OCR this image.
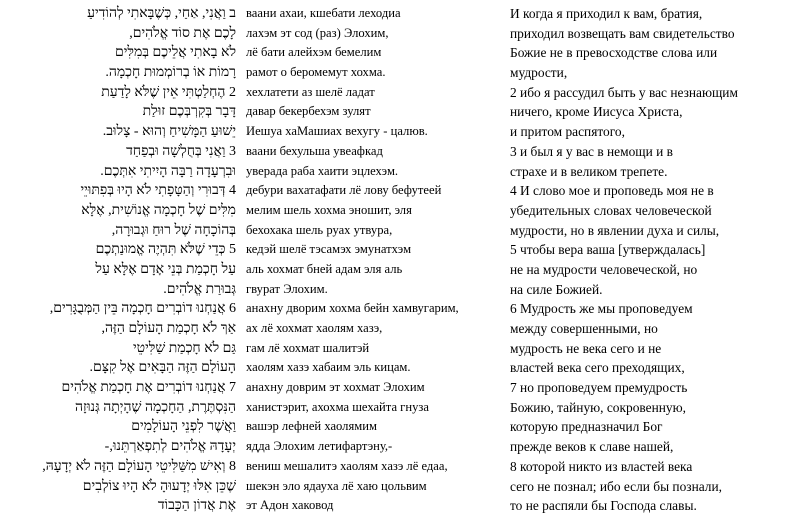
ב וַאֲנִי, אַחַי, כְּשֶׁבָּאתִי לְהוֹדִיעַ
לָכֶם אֶת סוֹד אֱלֹהִים,
לֹא בָאתִי אֲלֵיכֶם בְּמִלִּים
רָמוֹת אוֹ בְרוֹמְמוּת חָכְמָה.
2 הֶחְלַטְתִּי אֵין שֶׁלֹּא לָדַעַת
דָּבָר בְּקִרְבְּכֶם זוּלַת
יֵשׁוּעַ הַמָּשִׁיחַ וְהוּא - צָלוּב.
3 וַאֲנִי בְּחֻלְשָׁה וּבְפַחַד
וּבִרְעָדָה רַבָּה הָיִיתִי אִתְּכֶם.
4 דְּבוּרִי וְהַטָּפָתִי לֹא הָיוּ בְּפִתּוּיֵי
מִלִּים שֶׁל חָכְמָה אֱנוֹשִׁית, אֶלָּא
בְּהוֹכָחָה שֶׁל רוּחַ וּגְבוּרָה,
5 כְּדֵי שֶׁלֹּא תִּהְיֶה אֱמוּנַתְכֶם
עַל חָכְמַת בְּנֵי אָדָם אֶלָּא עַל
גְּבוּרַת אֱלֹהִים.
6 אֲנַחְנוּ דוֹבְרִים חָכְמָה בֵּין הַמְּבֻגָּרִים,
אַךְ לֹא חָכְמַת הָעוֹלָם הַזֶּה,
גַּם לֹא חָכְמַת שַׁלִּיטֵי
הָעוֹלָם הַזֶּה הַבָּאִים אֶל קִצָּם.
7 אֲנַחְנוּ דוֹבְרִים אֶת חָכְמַת אֱלֹהִים
הַנִּסְתֶּרֶת, הַחָכְמָה שֶׁהָיְתָה גְּנוּזָה
וַאֲשֶׁר לִפְנֵי הָעוֹלָמִים
יְעָדָהּ אֱלֹהִים לְתִפְאַרְתֵּנוּ,-
8 וְאִישׁ מִשַּׁלִּיטֵי הָעוֹלָם הַזֶּה לֹא יְדָעָהּ,
שֶׁכֵּן אִלּוּ יְדָעוּהָ לֹא הָיוּ צוֹלְבִים
אֶת אֲדוֹן הַכָּבוֹד
ваани ахаи, кшебати леходиа
лахэм эт сод (раз) Элохим,
лё бати алейхэм бемелим
рамот о беромемут хохма.
хехлатети аз шелё ладат
давар бекербехэм зулят
Иешуа хаМашиах вехугу - цалюв.
ваани бехульша увеафкад
уверада раба хаити эцлехэм.
дебури вахатафати лё лову бефутеей
мелим шель хохма эношит, эля
бехохака шель руах утвура,
кедэй шелё тэсамэх эмунатхэм
аль хохмат бней адам эля аль
гвурат Элохим.
анахну дворим хохма бейн хамвугарим,
ах лё хохмат хаолям хазэ,
гам лё хохмат шалитэй
хаолям хазэ хабаим эль кицам.
анахну доврим эт хохмат Элохим
ханистэрит, ахохма шехайта гнуза
вашэр лефней хаолямим
ядда Элохим летифартэну,-
вениш мешалитэ хаолям хазэ лё едаа,
шекэн эло ядауха лё хаю цольвим
эт Адон хаковод
И когда я приходил к вам, братия,
приходил возвещать вам свидетельство
Божие не в превосходстве слова или
мудрости,
2 ибо я рассудил быть у вас незнающим
ничего, кроме Иисуса Христа,
и притом распятого,
3 и был я у вас в немощи и в
страхе и в великом трепете.
4 И слово мое и проповедь моя не в
убедительных словах человеческой
мудрости, но в явлении духа и силы,
5 чтобы вера ваша [утверждалась]
не на мудрости человеческой, но
на силе Божией.
6 Мудрость же мы проповедуем
между совершенными, но
мудрость не века сего и не
властей века сего преходящих,
7 но проповедуем премудрость
Божию, тайную, сокровенную,
которую предназначил Бог
прежде веков к славе нашей,
8 которой никто из властей века
сего не познал; ибо если бы познали,
то не распяли бы Господа славы.
